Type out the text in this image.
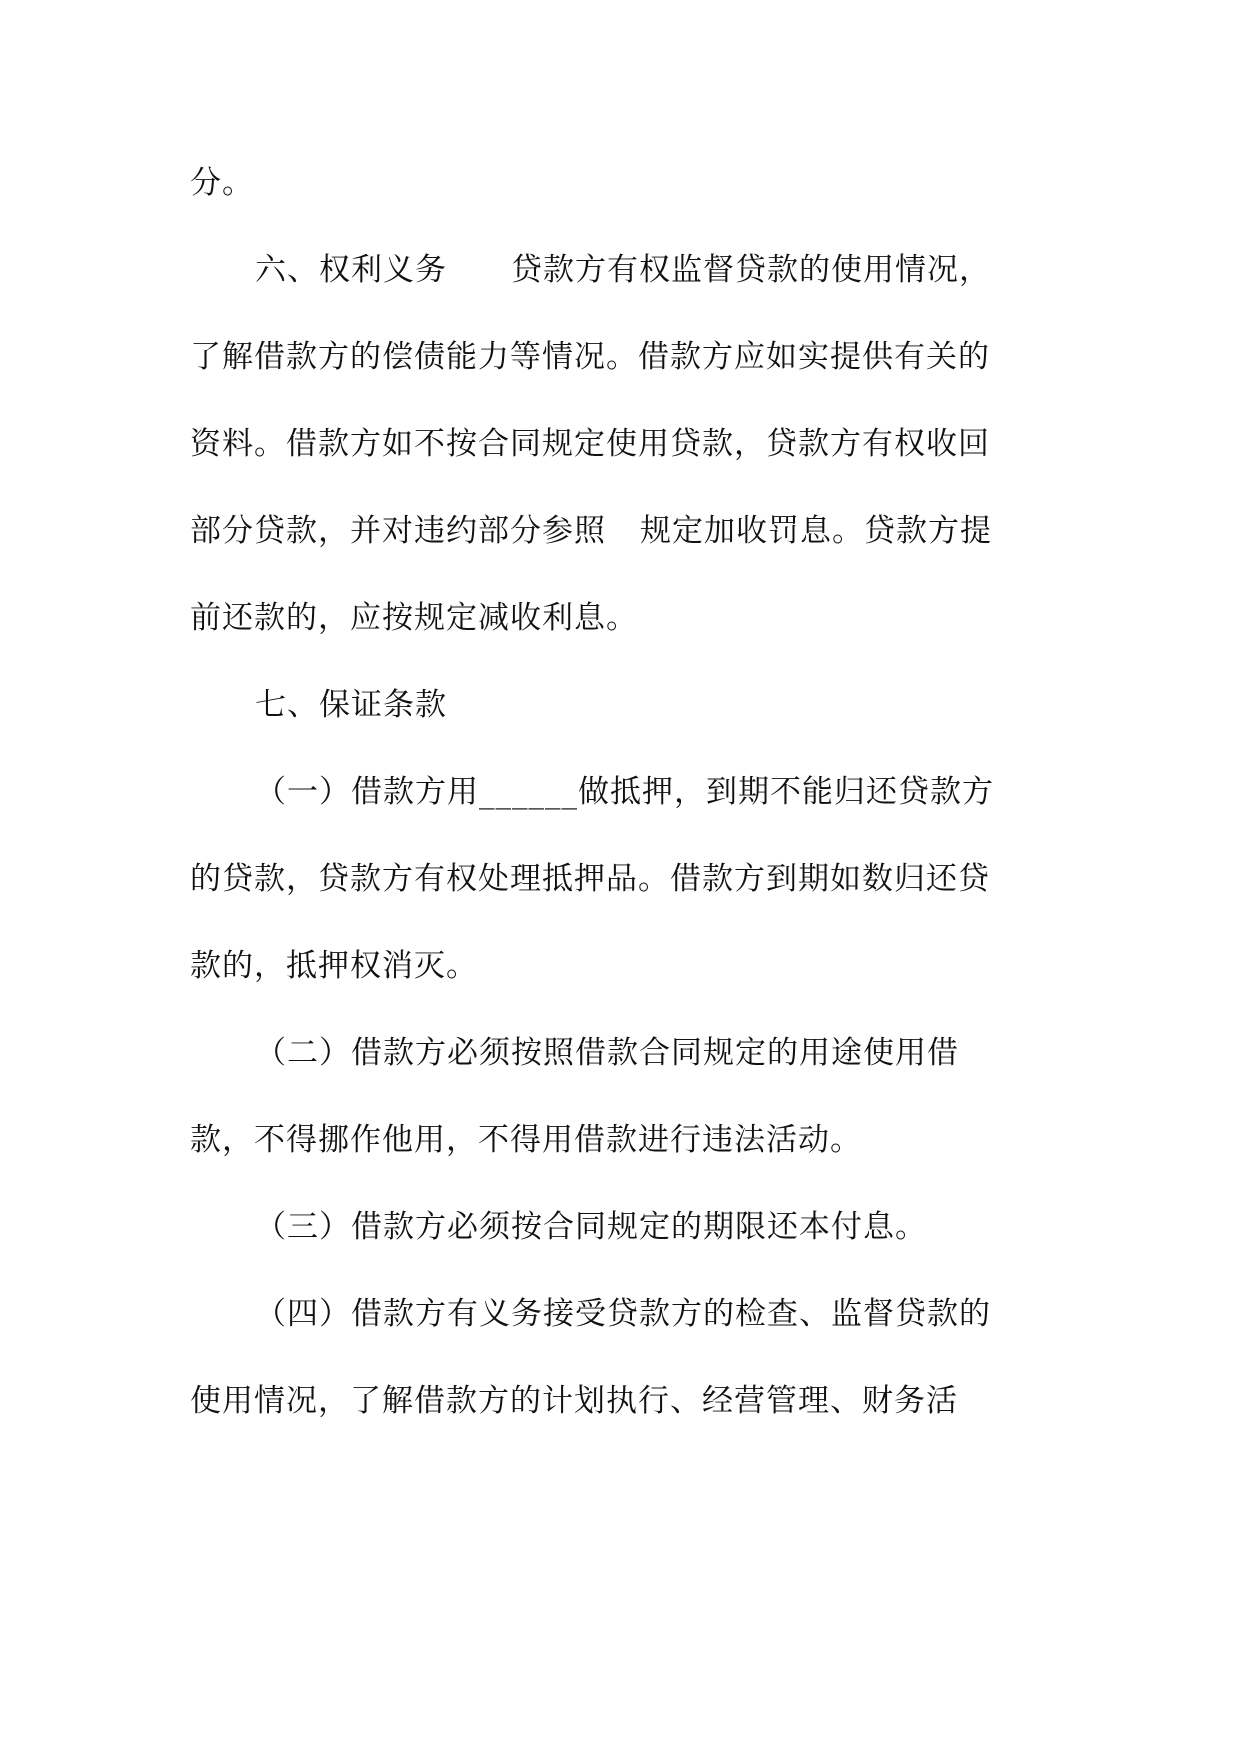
分。
六、权利义务 贷款方有权监督贷款的使用情况，
了解借款方的偿债能力等情况。借款方应如实提供有关的
资料。借款方如不按合同规定使用贷款，贷款方有权收回
部分贷款，并对违约部分参照 规定加收罚息。贷款方提
前还款的，应按规定减收利息。
七、保证条款
（一）借款方用______做抵押，到期不能归还贷款方
的贷款，贷款方有权处理抵押品。借款方到期如数归还贷
款的，抵押权消灭。
（二）借款方必须按照借款合同规定的用途使用借
款，不得挪作他用，不得用借款进行违法活动。
（三）借款方必须按合同规定的期限还本付息。
（四）借款方有义务接受贷款方的检查、监督贷款的
使用情况，了解借款方的计划执行、经营管理、财务活
